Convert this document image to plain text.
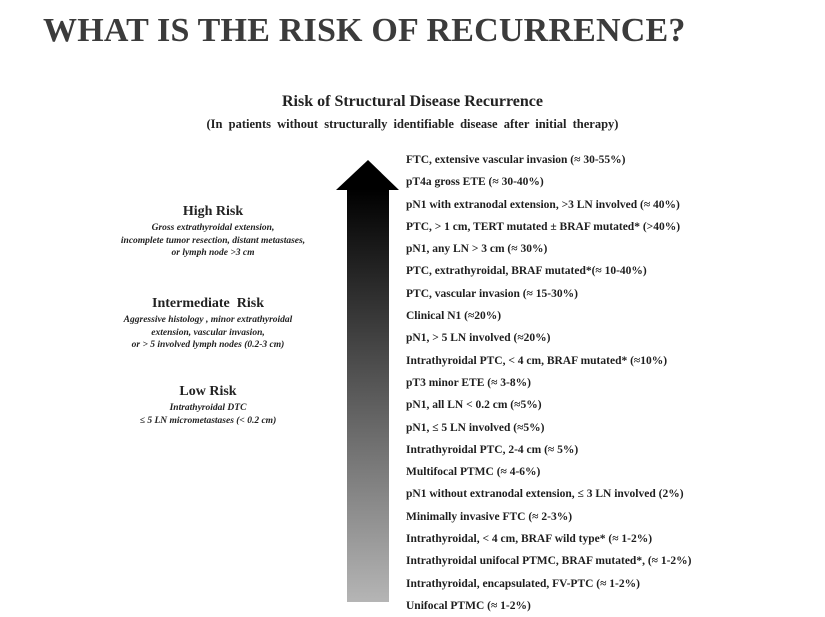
WHAT IS THE RISK OF RECURRENCE?
Risk of Structural Disease Recurrence
(In patients without structurally identifiable disease after initial therapy)
High Risk
Gross extrathyroidal extension,
incomplete tumor resection, distant metastases,
or lymph node >3 cm
Intermediate  Risk
Aggressive histology , minor extrathyroidal
extension, vascular invasion,
or > 5 involved lymph nodes (0.2-3 cm)
Low Risk
Intrathyroidal DTC
≤ 5 LN micrometastases (< 0.2 cm)
FTC, extensive vascular invasion (≈ 30-55%)
pT4a gross ETE (≈ 30-40%)
pN1 with extranodal extension, >3 LN involved (≈ 40%)
PTC, > 1 cm, TERT mutated ± BRAF mutated* (>40%)
pN1, any LN > 3 cm (≈ 30%)
PTC, extrathyroidal, BRAF mutated*(≈ 10-40%)
PTC, vascular invasion (≈ 15-30%)
Clinical N1 (≈20%)
pN1, > 5 LN involved (≈20%)
Intrathyroidal PTC, < 4 cm, BRAF mutated* (≈10%)
pT3 minor ETE (≈ 3-8%)
pN1, all LN < 0.2 cm (≈5%)
pN1, ≤ 5 LN involved (≈5%)
Intrathyroidal PTC, 2-4 cm (≈ 5%)
Multifocal PTMC (≈ 4-6%)
pN1 without extranodal extension, ≤ 3 LN involved (2%)
Minimally invasive FTC (≈ 2-3%)
Intrathyroidal, < 4 cm, BRAF wild type* (≈ 1-2%)
Intrathyroidal unifocal PTMC, BRAF mutated*, (≈ 1-2%)
Intrathyroidal, encapsulated, FV-PTC (≈ 1-2%)
Unifocal PTMC (≈ 1-2%)
